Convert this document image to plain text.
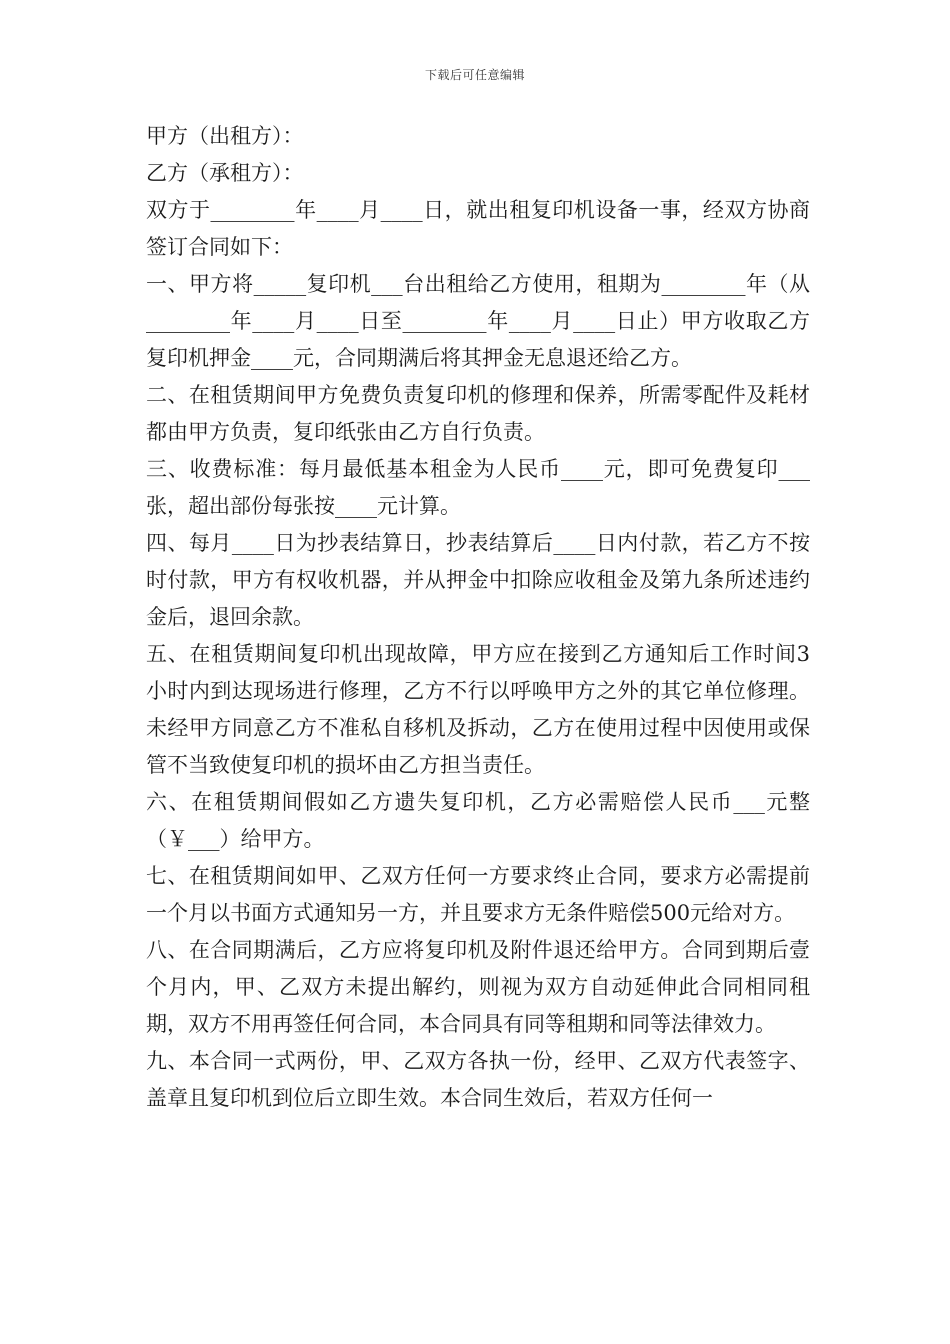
下载后可任意编辑

甲方（出租方）：

乙方（承租方）：

双方于________年____月____日，就出租复印机设备一事，经双方协商签订合同如下：

一、甲方将_____复印机___台出租给乙方使用，租期为________年（从________年____月____日至________年____月____日止）甲方收取乙方复印机押金____元，合同期满后将其押金无息退还给乙方。

二、在租赁期间甲方免费负责复印机的修理和保养，所需零配件及耗材都由甲方负责，复印纸张由乙方自行负责。

三、收费标准：每月最低基本租金为人民币____元，即可免费复印___张，超出部份每张按____元计算。

四、每月____日为抄表结算日，抄表结算后____日内付款，若乙方不按时付款，甲方有权收机器，并从押金中扣除应收租金及第九条所述违约金后，退回余款。

五、在租赁期间复印机出现故障，甲方应在接到乙方通知后工作时间3小时内到达现场进行修理，乙方不行以呼唤甲方之外的其它单位修理。未经甲方同意乙方不准私自移机及拆动，乙方在使用过程中因使用或保管不当致使复印机的损坏由乙方担当责任。

六、在租赁期间假如乙方遗失复印机，乙方必需赔偿人民币___元整（￥___）给甲方。

七、在租赁期间如甲、乙双方任何一方要求终止合同，要求方必需提前一个月以书面方式通知另一方，并且要求方无条件赔偿500元给对方。

八、在合同期满后，乙方应将复印机及附件退还给甲方。合同到期后壹个月内，甲、乙双方未提出解约，则视为双方自动延伸此合同相同租期，双方不用再签任何合同，本合同具有同等租期和同等法律效力。

九、本合同一式两份，甲、乙双方各执一份，经甲、乙双方代表签字、盖章且复印机到位后立即生效。本合同生效后，若双方任何一
